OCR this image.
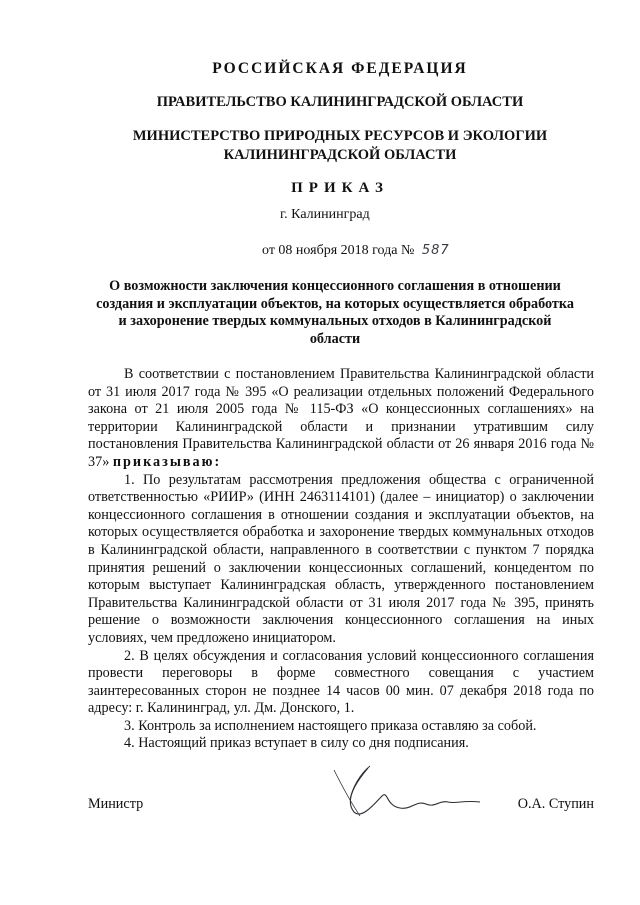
РОССИЙСКАЯ ФЕДЕРАЦИЯ
ПРАВИТЕЛЬСТВО КАЛИНИНГРАДСКОЙ ОБЛАСТИ
МИНИСТЕРСТВО ПРИРОДНЫХ РЕСУРСОВ И ЭКОЛОГИИ
КАЛИНИНГРАДСКОЙ ОБЛАСТИ
ПРИКАЗ
г. Калининград
от 08 ноября 2018 года № 587
О возможности заключения концессионного соглашения в отношении создания и эксплуатации объектов, на которых осуществляется обработка и захоронение твердых коммунальных отходов в Калининградской области

В соответствии с постановлением Правительства Калининградской области от 31 июля 2017 года № 395 «О реализации отдельных положений Федерального закона от 21 июля 2005 года № 115-ФЗ «О концессионных соглашениях» на территории Калининградской области и признании утратившим силу постановления Правительства Калининградской области от 26 января 2016 года № 37» приказываю:

1. По результатам рассмотрения предложения общества с ограниченной ответственностью «РИИР» (ИНН 2463114101) (далее – инициатор) о заключении концессионного соглашения в отношении создания и эксплуатации объектов, на которых осуществляется обработка и захоронение твердых коммунальных отходов в Калининградской области, направленного в соответствии с пунктом 7 порядка принятия решений о заключении концессионных соглашений, концедентом по которым выступает Калининградская область, утвержденного постановлением Правительства Калининградской области от 31 июля 2017 года № 395, принять решение о возможности заключения концессионного соглашения на иных условиях, чем предложено инициатором.

2. В целях обсуждения и согласования условий концессионного соглашения провести переговоры в форме совместного совещания с участием заинтересованных сторон не позднее 14 часов 00 мин. 07 декабря 2018 года по адресу: г. Калининград, ул. Дм. Донского, 1.

3. Контроль за исполнением настоящего приказа оставляю за собой.

4. Настоящий приказ вступает в силу со дня подписания.

Министр	О.А. Ступин
